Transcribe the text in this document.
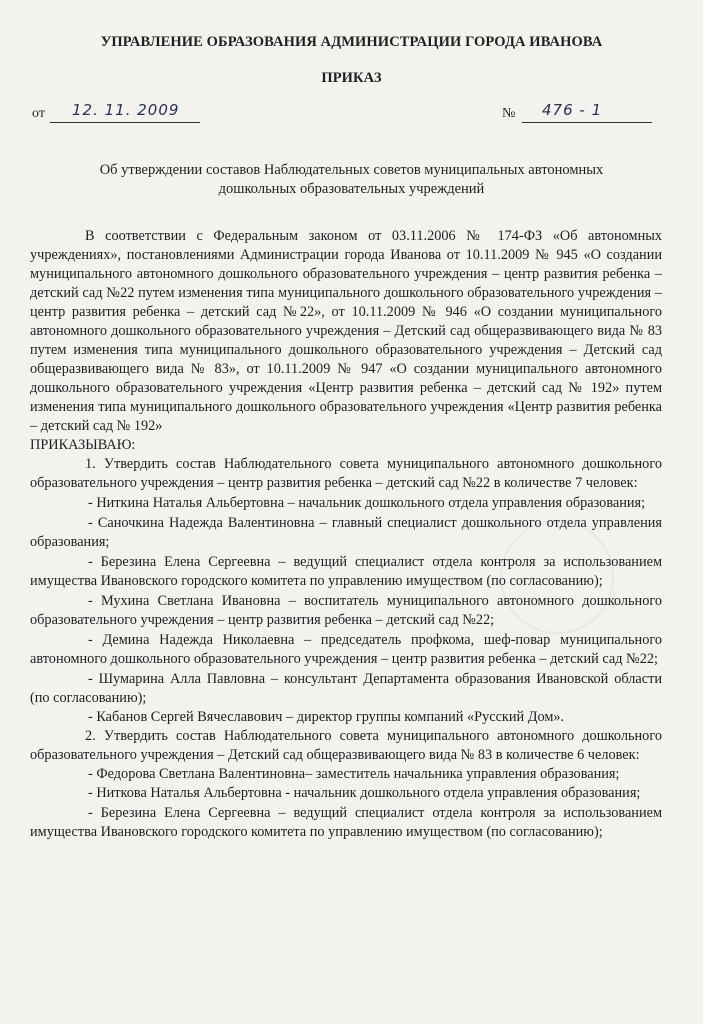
УПРАВЛЕНИЕ ОБРАЗОВАНИЯ АДМИНИСТРАЦИИ ГОРОДА ИВАНОВА
ПРИКАЗ
от 12. 11. 2009	№ 476 - 1
Об утверждении составов Наблюдательных советов муниципальных автономных
дошкольных образовательных учреждений

В соответствии с Федеральным законом от 03.11.2006 № 174-ФЗ «Об автономных учреждениях», постановлениями Администрации города Иванова от 10.11.2009 № 945 «О создании муниципального автономного дошкольного образовательного учреждения – центр развития ребенка – детский сад №22 путем изменения типа муниципального дошкольного образовательного учреждения – центр развития ребенка – детский сад №22», от 10.11.2009 № 946 «О создании муниципального автономного дошкольного образовательного учреждения – Детский сад общеразвивающего вида № 83 путем изменения типа муниципального дошкольного образовательного учреждения – Детский сад общеразвивающего вида № 83», от 10.11.2009 № 947 «О создании муниципального автономного дошкольного образовательного учреждения «Центр развития ребенка – детский сад № 192» путем изменения типа муниципального дошкольного образовательного учреждения «Центр развития ребенка – детский сад № 192»

ПРИКАЗЫВАЮ:

1. Утвердить состав Наблюдательного совета муниципального автономного дошкольного образовательного учреждения – центр развития ребенка – детский сад №22 в количестве 7 человек:

- Ниткина Наталья Альбертовна – начальник дошкольного отдела управления образования;

- Саночкина Надежда Валентиновна – главный специалист дошкольного отдела управления образования;

- Березина Елена Сергеевна – ведущий специалист отдела контроля за использованием имущества Ивановского городского комитета по управлению имуществом (по согласованию);

- Мухина Светлана Ивановна – воспитатель муниципального автономного дошкольного образовательного учреждения – центр развития ребенка – детский сад №22;

- Демина Надежда Николаевна – председатель профкома, шеф-повар муниципального автономного дошкольного образовательного учреждения – центр развития ребенка – детский сад №22;

- Шумарина Алла Павловна – консультант Департамента образования Ивановской области (по согласованию);

- Кабанов Сергей Вячеславович – директор группы компаний «Русский Дом».

2. Утвердить состав Наблюдательного совета муниципального автономного дошкольного образовательного учреждения – Детский сад общеразвивающего вида № 83 в количестве 6 человек:

- Федорова Светлана Валентиновна– заместитель начальника управления образования;

- Ниткова Наталья Альбертовна - начальник дошкольного отдела управления образования;

- Березина Елена Сергеевна – ведущий специалист отдела контроля за использованием имущества Ивановского городского комитета по управлению имуществом (по согласованию);
